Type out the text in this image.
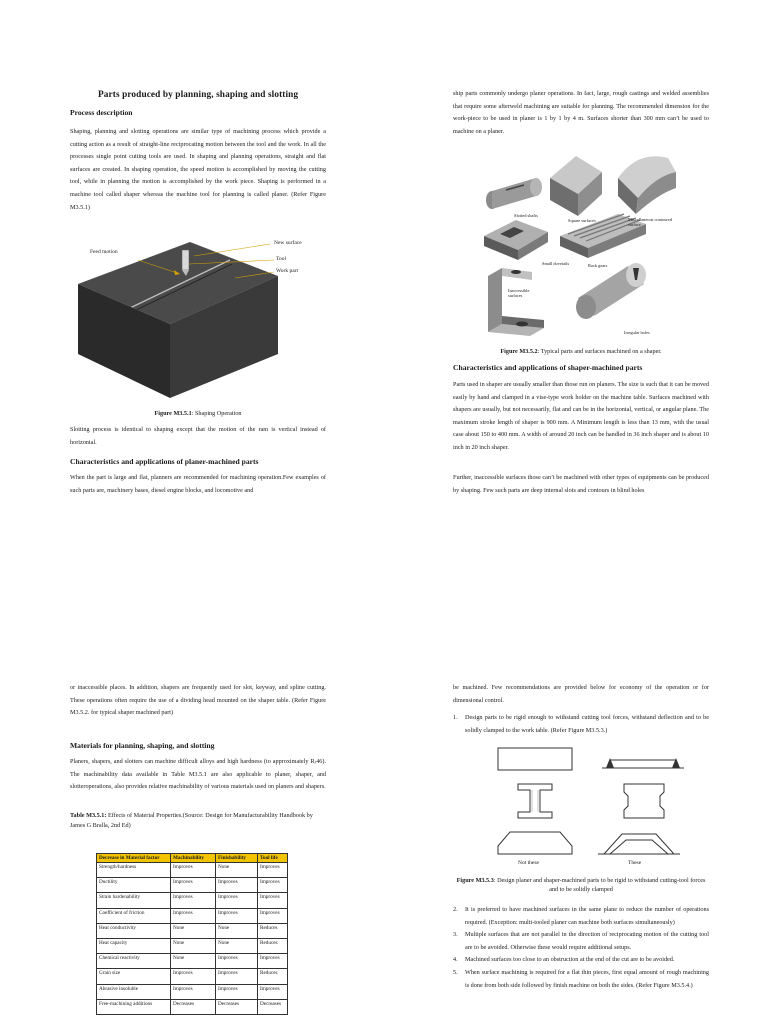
Parts produced by planning, shaping and slotting
Process description

Shaping, planning and slotting operations are similar type of machining process which provide a cutting action as a result of straight-line reciprocating motion between the tool and the work. In all the processes single point cutting tools are used. In shaping and planning operations, straight and flat surfaces are created. In shaping operation, the speed motion is accomplished by moving the cutting tool, while in planning the motion is accomplished by the work piece. Shaping is performed in a machine tool called shaper whereas the machine tool for planning is called planer. (Refer Figure M3.5.1)

Feed motion
New surface
Tool
Work part
Figure M3.5.1: Shaping Operation

Slotting process is identical to shaping except that the motion of the ram is vertical instead of horizontal.

Characteristics and applications of planer-machined parts

When the part is large and flat, planners are recommended for machining operation.Few examples of such parts are, machinery bases, diesel engine blocks, and locomotive and

ship parts commonly undergo planer operations. In fact, large, rough castings and welded assemblies that require some afterweld machining are suitable for planning. The recommended dimension for the work-piece to be used in planer is 1 by 1 by 4 m. Surfaces shorter than 300 mm can’t be used to machine on a planer.

Slotted shafts
Square surfaces	Miscellaneous contoured surface
Small dovetails	Rack gears
Inaccessible surfaces
Irregular holes
Figure M3.5.2: Typical parts and surfaces machined on a shaper.
Characteristics and applications of shaper-machined parts

Parts used in shaper are usually smaller than those run on planers. The size is such that it can be moved easily by hand and clamped in a vise-type work holder on the machine table. Surfaces machined with shapers are usually, but not necessarily, flat and can be in the horizontal, vertical, or angular plane. The maximum stroke length of shaper is 900 mm. A Minimum length is less than 13 mm, with the usual case about 150 to 400 mm. A width of around 20 inch can be handled in 36 inch shaper and is about 10 inch in 20 inch shaper.

Further, inaccessible surfaces those can’t be machined with other types of equipments can be produced by shaping. Few such parts are deep internal slots and contours in blind holes

or inaccessible places. In addition, shapers are frequently used for slot, keyway, and spline cutting. These operations often require the use of a dividing head mounted on the shaper table. (Refer Figure M3.5.2. for typical shaper machined part)

Materials for planning, shaping, and slotting

Planers, shapers, and slotters can machine difficult alloys and high hardness (to approximately Rⱼ46). The machinability data available in Table M3.5.1 are also applicable to planer, shaper, and slotteroperations, also provides relative machinability of various materials used on planers and shapers.

Table M3.5.1: Effects of Material Properties.(Source: Design for Manufacturability Handbook by James G Bralla, 2nd Ed)
Decrease in Material factor	Machinability	Finishability	Tool life
Strength/hardness	Improves	None	Improves
Ductility	Improves	Improves	Improves
Strain hardenability	Improves	Improves	Improves
Coefficient of friction	Improves	Improves	Improves
Heat conductivity	None	None	Reduces
Heat capacity	None	None	Reduces
Chemical reactivity	None	Improves	Improves
Grain size	Improves	Improves	Reduces
Abrasive insoluble	Improves	Improves	Improves
Free-machining additions	Decreases	Decreases	Decreases

be machined. Few recommendations are provided below for economy of the operation or for dimensional control.

1. Design parts to be rigid enough to withstand cutting tool forces, withstand deflection and to be solidly clamped to the work table. (Refer Figure M3.5.3.)
Not these	These
Figure M3.5.3: Design planer and shaper-machined parts to be rigid to withstand cutting-tool forces and to be solidly clamped
2. It is preferred to have machined surfaces in the same plane to reduce the number of operations required. (Exception: multi-tooled planer can machine both surfaces simultaneously)
3. Multiple surfaces that are not parallel in the direction of reciprocating motion of the cutting tool are to be avoided. Otherwise these would require additional setups.
4. Machined surfaces too close to an obstruction at the end of the cut are to be avoided.
5. When surface machining is required for a flat thin pieces, first equal amount of rough machining is done from both side followed by finish machine on both the sides. (Refer Figure M3.5.4.)
